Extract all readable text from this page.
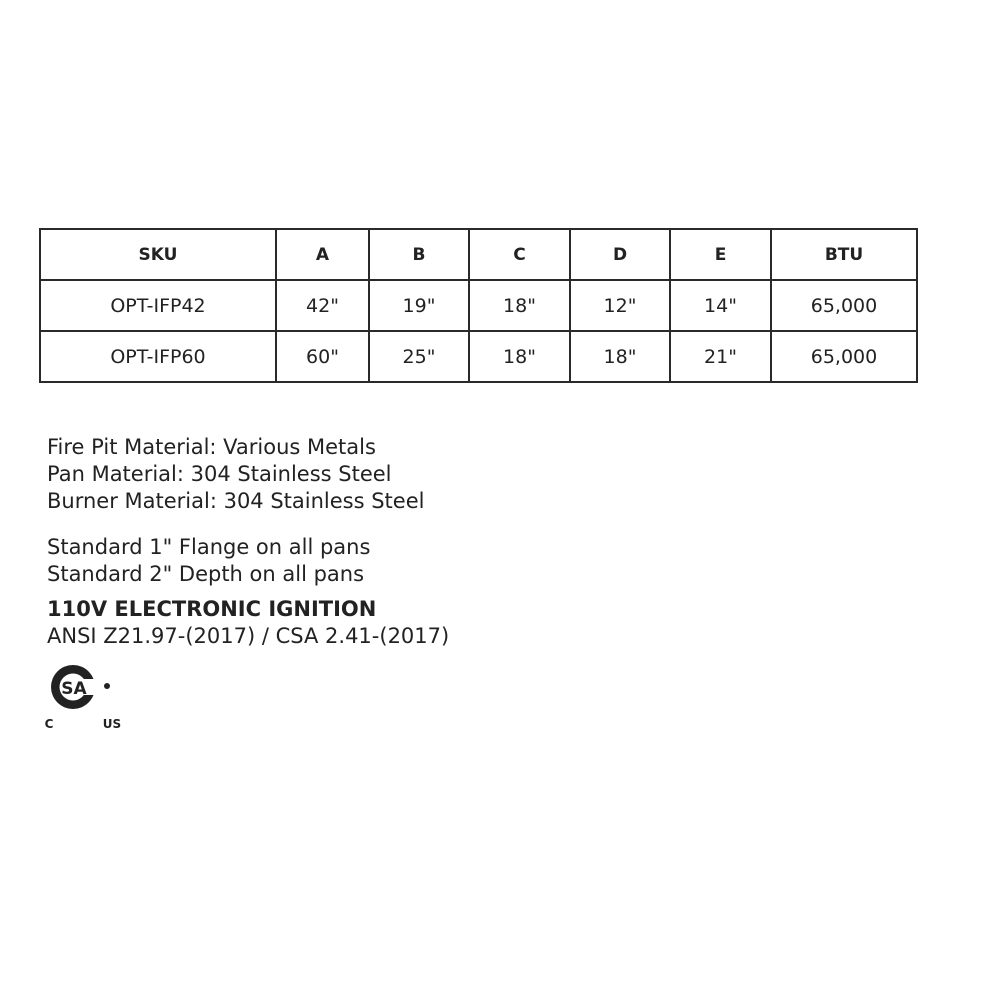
SKU	A	B	C	D	E	BTU
OPT-IFP42	42"	19"	18"	12"	14"	65,000
OPT-IFP60	60"	25"	18"	18"	21"	65,000

Fire Pit Material: Various Metals

Pan Material: 304 Stainless Steel

Burner Material: 304 Stainless Steel

Standard 1" Flange on all pans

Standard 2" Depth on all pans

110V ELECTRONIC IGNITION

ANSI Z21.97-(2017) / CSA 2.41-(2017)

SA
C	US
